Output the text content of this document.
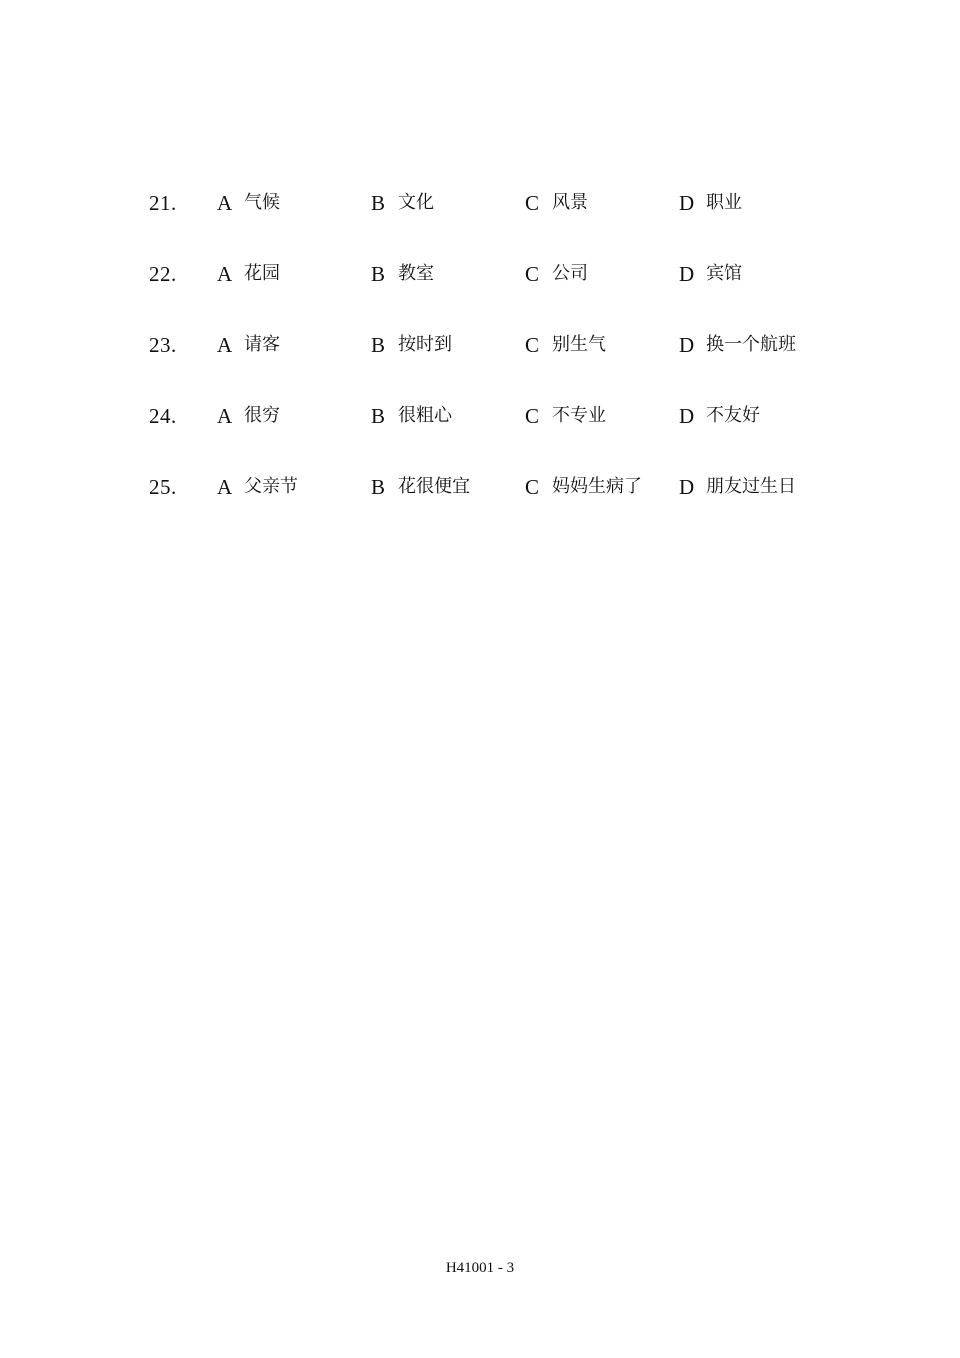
21. A 气候	B 文化	C 风景	D 职业
22. A 花园	B 教室	C 公司	D 宾馆
23. A 请客	B 按时到	C 别生气	D 换一个航班
24. A 很穷	B 很粗心	C 不专业	D 不友好
25. A 父亲节	B 花很便宜	C 妈妈生病了 D 朋友过生日
H41001 - 3
